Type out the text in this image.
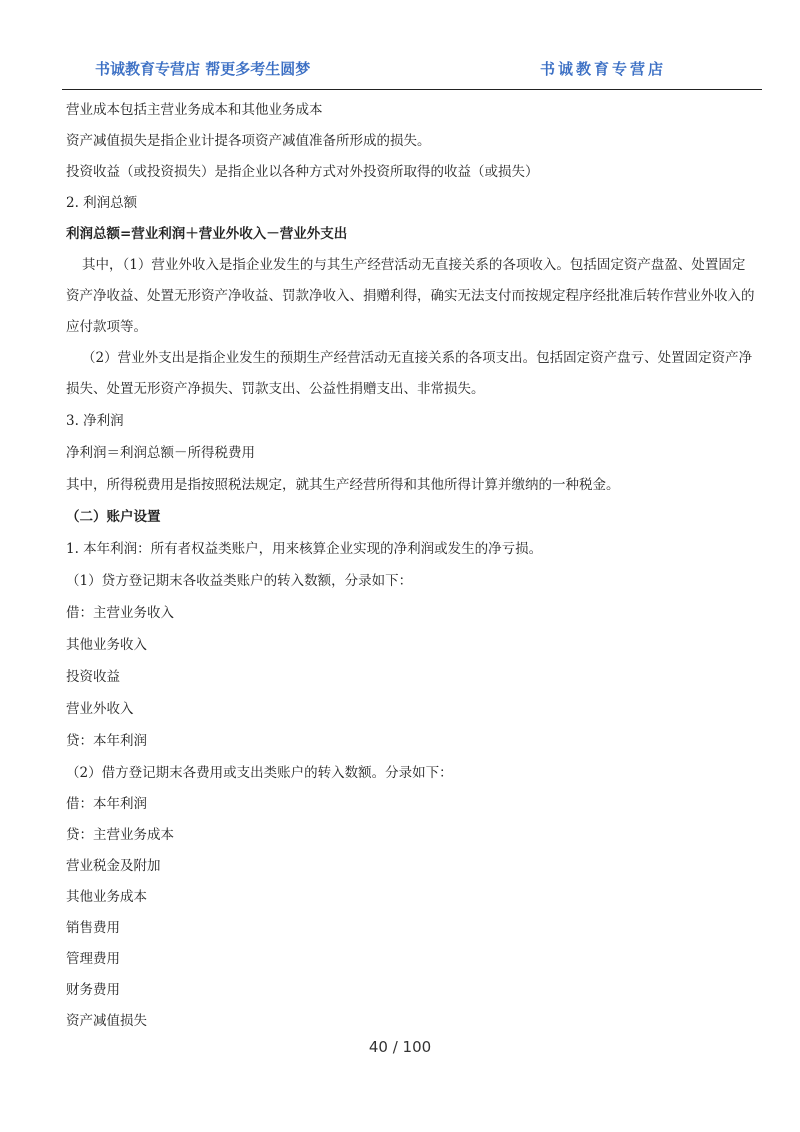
书诚教育专营店 帮更多考生圆梦	书诚教育专营店
营业成本包括主营业务成本和其他业务成本
资产减值损失是指企业计提各项资产减值准备所形成的损失。
投资收益（或投资损失）是指企业以各种方式对外投资所取得的收益（或损失）
2. 利润总额
利润总额=营业利润＋营业外收入－营业外支出
其中，（1）营业外收入是指企业发生的与其生产经营活动无直接关系的各项收入。包括固定资产盘盈、处置固定
资产净收益、处置无形资产净收益、罚款净收入、捐赠利得，确实无法支付而按规定程序经批准后转作营业外收入的
应付款项等。
（2）营业外支出是指企业发生的预期生产经营活动无直接关系的各项支出。包括固定资产盘亏、处置固定资产净
损失、处置无形资产净损失、罚款支出、公益性捐赠支出、非常损失。
3. 净利润
净利润＝利润总额－所得税费用
其中，所得税费用是指按照税法规定，就其生产经营所得和其他所得计算并缴纳的一种税金。
（二）账户设置
1. 本年利润：所有者权益类账户，用来核算企业实现的净利润或发生的净亏损。
（1）贷方登记期末各收益类账户的转入数额，分录如下：
借：主营业务收入
其他业务收入
投资收益
营业外收入
贷：本年利润
（2）借方登记期末各费用或支出类账户的转入数额。分录如下：
借：本年利润
贷：主营业务成本
营业税金及附加
其他业务成本
销售费用
管理费用
财务费用
资产减值损失
40 / 100
